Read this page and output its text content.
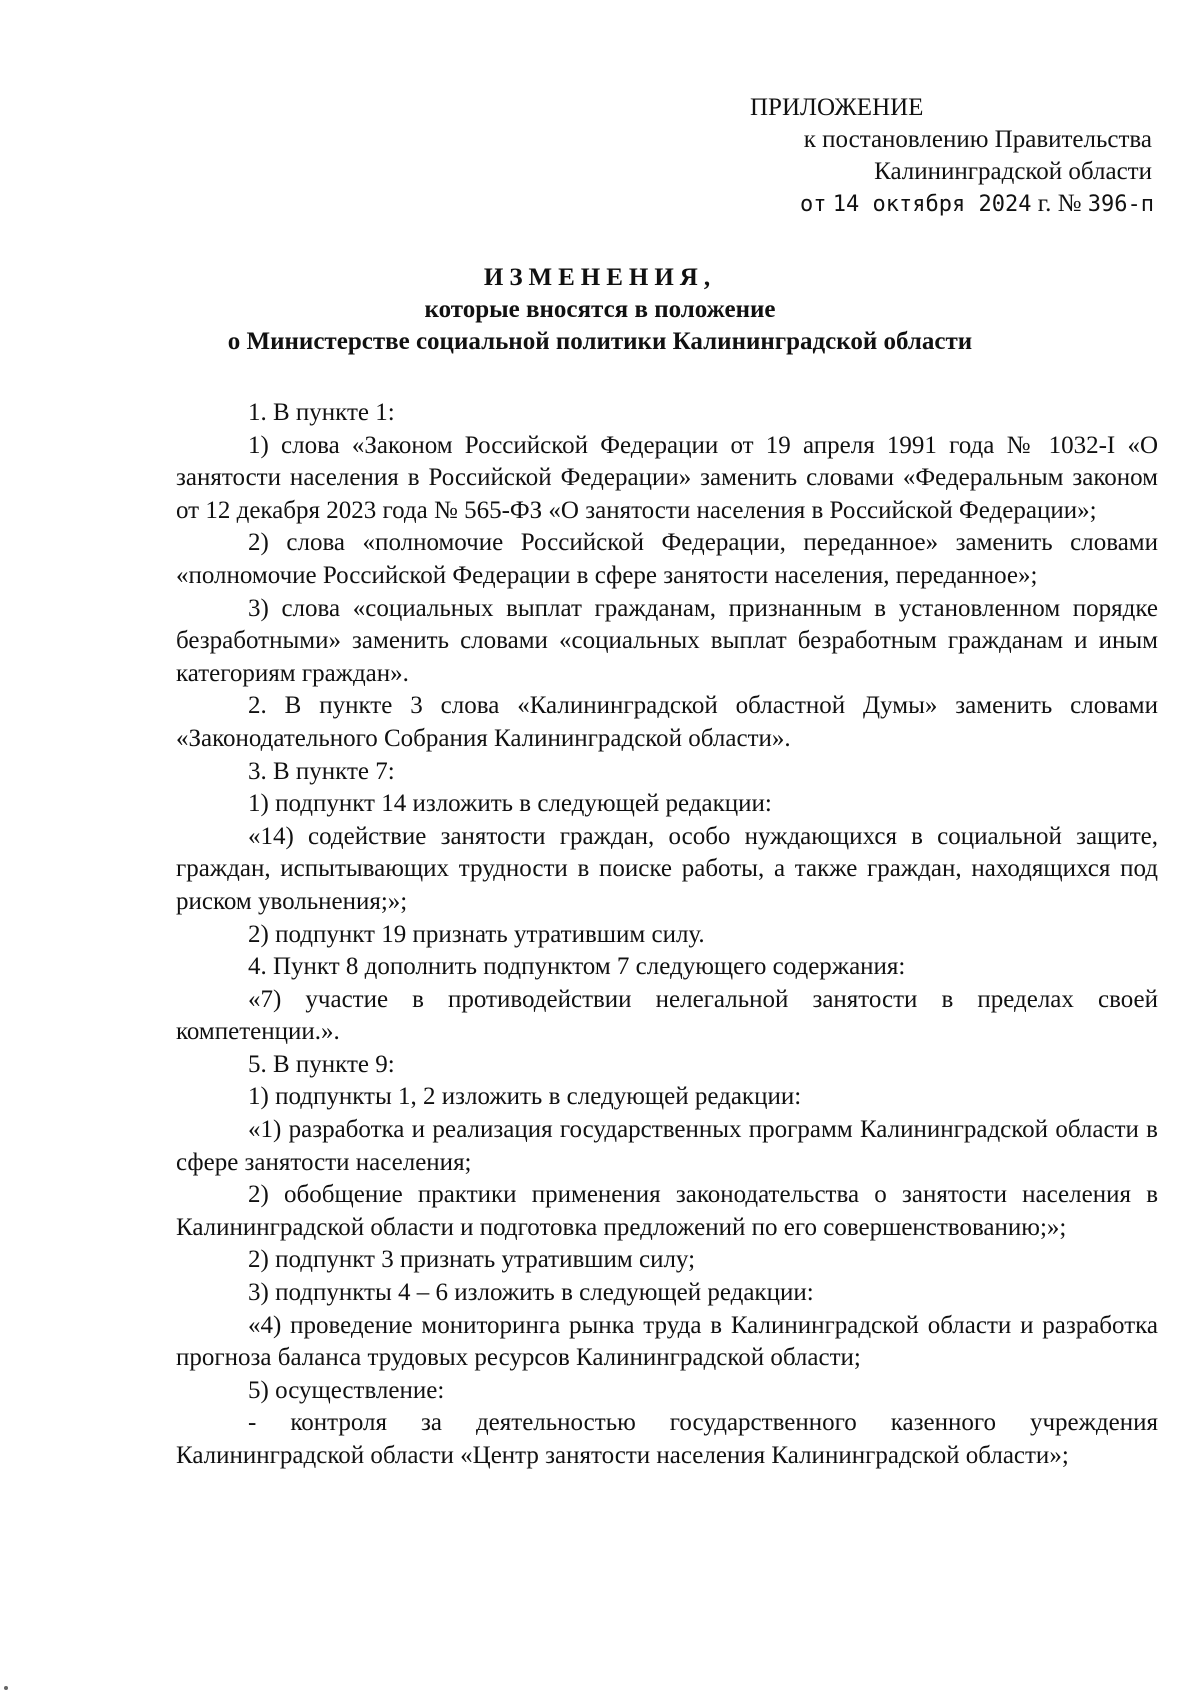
ПРИЛОЖЕНИЕ
к постановлению Правительства
Калининградской области
от 14 октября 2024 г. № 396-п
ИЗМЕНЕНИЯ,
которые вносятся в положение
о Министерстве социальной политики Калининградской области

1. В пункте 1:

1) слова «Законом Российской Федерации от 19 апреля 1991 года № 1032-I «О занятости населения в Российской Федерации» заменить словами «Федеральным законом от 12 декабря 2023 года № 565-ФЗ «О занятости населения в Российской Федерации»;

2) слова «полномочие Российской Федерации, переданное» заменить словами «полномочие Российской Федерации в сфере занятости населения, переданное»;

3) слова «социальных выплат гражданам, признанным в установленном порядке безработными» заменить словами «социальных выплат безработным гражданам и иным категориям граждан».

2. В пункте 3 слова «Калининградской областной Думы» заменить словами «Законодательного Собрания Калининградской области».

3. В пункте 7:

1) подпункт 14 изложить в следующей редакции:

«14) содействие занятости граждан, особо нуждающихся в социальной защите, граждан, испытывающих трудности в поиске работы, а также граждан, находящихся под риском увольнения;»;

2) подпункт 19 признать утратившим силу.

4. Пункт 8 дополнить подпунктом 7 следующего содержания:

«7) участие в противодействии нелегальной занятости в пределах своей компетенции.».

5. В пункте 9:

1) подпункты 1, 2 изложить в следующей редакции:

«1) разработка и реализация государственных программ Калининградской области в сфере занятости населения;

2) обобщение практики применения законодательства о занятости населения в Калининградской области и подготовка предложений по его совершенствованию;»;

2) подпункт 3 признать утратившим силу;

3) подпункты 4 – 6 изложить в следующей редакции:

«4) проведение мониторинга рынка труда в Калининградской области и разработка прогноза баланса трудовых ресурсов Калининградской области;

5) осуществление:

- контроля за деятельностью государственного казенного учреждения Калининградской области «Центр занятости населения Калининградской области»;
